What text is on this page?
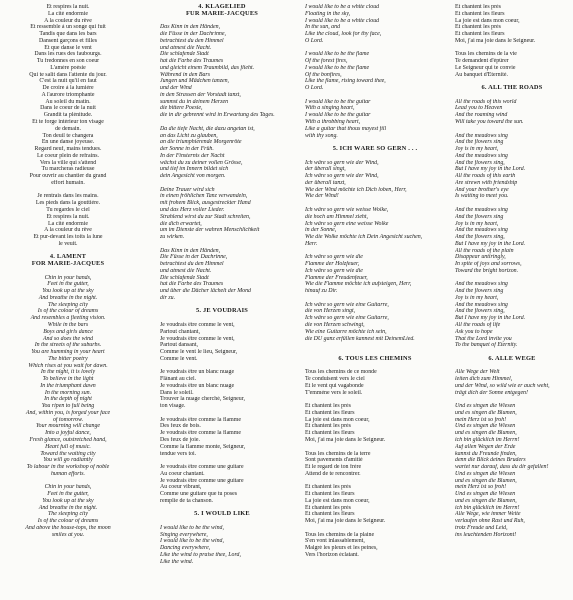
Et respires la nuit.
La cité endormie
A la couleur du rêve
Et ressemble à un songe qui fuit
Tandis que dans les bars
Dansent garçons et filles
Et que danse le vent
Dans les rues des faubourgs.
Tu fredonnes en son coeur
L'amère poésie
Qui te salit dans l'attente du jour.
C'est la nuit qu'il en faut
De croire à la lumière
A l'aurore triomphante
Au soleil du matin.
Dans le coeur de la nuit
Grandit ta plénitude.
Et te forge intérieur ton visage
de demain.
Ton deuil te changera
En une danse joyeuse.
Regard neuf, mains tendues.
Le coeur plein de refrains.
Vers la ville qui s'attend
Tu marcheras radieuse
Pour ouvrir au chantier du grand
effort humain.
Je rentrais dans les mains.
Les pieds dans la gouttière.
Tu regardes le ciel
Et respires la nuit.
La cité endormie
A la couleur du rêve
Et pur-devant les toits la lune
le veuit.
4. LAMENT
FOR MARIE-JACQUES
Chin in your hands,
Feet in the gutter,
You look up at the sky
And breathe in the night.
The sleeping city
Is of the colour of dreams
And resembles a fleeting vision.
While in the bars
Boys and girls dance
And so does the wind
In the streets of the suburbs.
You are humming in your heart
The bitter poetry
Which rises at you wait for dawn.
In the night, it is lovely
To believe in the light
In the triumphant dawn
In the morning sun.
In the depth of night
You ripen to full being
And, within you, is forged your face
of tomorrow.
Your mourning will change
Into a joyful dance,
Fresh glance, outstretched hand,
Heart full of music.
Toward the waiting city
You will go radiantly
To labour in the workshop of noble
human efforts.
Chin in your hands,
Feet in the gutter,
You look up at the sky
And breathe in the night.
The sleeping city
Is of the colour of dreams
And above the house-tops, the moon
smiles at you.
4. KLAGELIED
FÜR MARIE-JACQUES
Das Kinn in den Händen,
die Füsse in der Dachrinne,
betrachtest du den Himmel
und atmest die Nacht.
Die schlafende Stadt
hat die Farbe des Traumes
und gleicht einem Traumbild, das flieht.
Während in den Bars
Jungen und Mädchen tanzen,
und der Wind
in den Strassen der Vorstadt tanzt,
summst du in deinem Herzen
die bittere Poesie,
die in dir gebrennt wird in Erwartung des Tages.
Da die tiefe Nacht, die dazu angetan ist,
an das Licht zu glauben,
an die triumphierende Morgenröte
der Sonne in der Früh.
In der Finsternis der Nacht
wächst du zu deiner vollen Grösse,
und tief im Innern bildet sich
dein Angesicht von morgen.
Deine Trauer wird sich
in einen fröhlichen Tanz verwandeln,
mit frohem Blick, ausgestreckter Hand
und das Herz voller Lieder.
Strahlend wirst du zur Stadt schreiten,
die dich erwartet,
um im Dienste der wahren Menschlichkeit
zu wirken.
Das Kinn in den Händen,
Die Füsse in der Dachrinne,
betrachtest du den Himmel
und atmest die Nacht.
Die schlafende Stadt
hat die Farbe des Traumes
und über die Dächer lächelt der Mond
dir zu.
5. JE VOUDRAIS
Je voudrais être comme le vent,
Partout chantant,
Je voudrais être comme le vent,
Partout dansant,
Comme le vent le lieu, Seigneur,
Comme le vent.
Je voudrais être un blanc nuage
Flânant au ciel.
Je voudrais être un blanc nuage
Dans le soleil.
Trouver la nuage cherché, Seigneur,
ton visage.
Je voudrais être comme la flamme
Des feux de bois.
Je voudrais être comme la flamme
Des feux de joie.
Comme la flamme monte, Seigneur,
tendue vers toi.
Je voudrais être comme une guitare
Au coeur chantant.
Je voudrais être comme une guitare
Au coeur vibrant,
Comme une guitare que tu poses
remplie de ta chanson.
5. I WOULD LIKE
I would like to be the wind,
Singing everywhere,
I would like to be the wind,
Dancing everywhere,
Like the wind to praise thee, Lord,
Like the wind.
I would like to be a white cloud
Floating in the sky,
I would like to be a white cloud
In the sun, and
Like the cloud, look for thy face,
O Lord.
I would like to be the flame
Of the forest fires,
I would like to be the flame
Of the bonfires,
Like the flame, rising toward thee,
O Lord.
I would like to be the guitar
With a singing heart,
I would like to be the guitar
With a throbbing heart,
Like a guitar that thous mayest fill
with thy song.
5. ICH WÄRE SO GERN . . .
Ich wäre so gern wie der Wind,
der überall singt,
Ich wäre so gern wie der Wind,
der überall tanzt,
Wie der Wind möchte ich Dich loben, Herr,
Wie der Wind!
Ich wäre so gern wie weisse Wolke,
die hoch am Himmel zieht,
Ich wäre so gern eine weisse Wolke
in der Sonne,
Wie die Wolke möchte ich Dein Angesicht suchen,
Herr.
Ich wäre so gern wie die
Flamme der Holzfeuer,
Ich wäre so gern wie die
Flamme der Freudenfeuer,
Wie die Flamme möchte ich aufsteigen, Herr,
hinauf zu Dir.
Ich wäre so gern wie eine Guitarre,
die von Herzen singt,
Ich wäre so gern wie eine Guitarre,
die von Herzen schwingt,
Wie eine Guitarre möchte ich sein,
die DU ganz erfüllen kannest mit DeinemLied.
6. TOUS LES CHEMINS
Tous les chemins de ce monde
Te conduisent vers le ciel
Et le vent qui vagabonde
T'emmène vers le soleil.
Et chantent les prés
Et chantent les fleurs
La joie est dans mon coeur,
Et chantent les prés
Et chantent les fleurs
Moi, j'ai ma joie dans le Seigneur.
Tous les chemins de la terre
Sont pavements d'amitié
Et le regard de ton frère
Attend de te rencontrer.
Et chantent les prés
Et chantent les fleurs
La joie est dans mon coeur,
Et chantent les prés
Et chantent les fleurs
Moi, j'ai ma joie dans le Seigneur.
Tous les chemins de la plaine
S'en vont inlassablement,
Malgré les pleurs et les peines,
Vers l'horizon éclatant.
Et chantent les prés
Et chantent les fleurs
La joie est dans mon coeur,
Et chantent les prés
Et chantent les fleurs
Moi, j'ai ma joie dans le Seigneur.
Tous les chemins de la vie
Te demandent d'épûrer
Le Seigneur qui te convie
Au banquet d'Éternité.
6. ALL THE ROADS
All the roads of this world
Lead you to Heaven
And the roaming wind
Will take you toward the sun.
And the meadows sing
And the flowers sing
Joy is in my heart,
And the meadows sing
And the flowers sing,
But I have my joy in the Lord.
All the roads of this earth
Are strewn with friendship
And your brother's eye
Is waiting to meet you.
And the meadows sing
And the flowers sing
Joy is in my heart,
And the meadows sing
And the flowers sing,
But I have my joy in the Lord.
All the roads of the plain
Disappear untiringly,
In spite of joys and sorrows,
Toward the bright horizon.
And the meadows sing
And the flowers sing
Joy is in my heart,
And the meadows sing
And the flowers sing,
But I have my joy in the Lord.
All the roads of life
Ask you to hope
That the Lord invite you
To the banquet of Eternity.
6. ALLE WEGE
Alle Wege der Welt
leiten dich zum Himmel,
und der Wind, so wild wie er auch weht,
trägt dich der Sonne entgegen!
Und es singen die Wiesen
und es singen die Blumen,
mein Herz ist so froh!
Und es singen die Wiesen
und es singen die Blumen,
ich bin glücklich im Herrn!
Auf allen Wegen der Erde
kannst du Freunde finden,
denn die Blick deines Bruders
wartet nur darauf, dass du dir gefallen!
Und es singen die Wiesen
und es singen die Blumen,
mein Herz ist so froh!
Und es singen die Wiesen
und es singen die Blumen,
ich bin glücklich im Herrn!
Alle Wege, wie immer Weite
verlaufen ohne Rast und Ruh,
trotz Freude und Leid,
ins leuchtenden Horizont!
